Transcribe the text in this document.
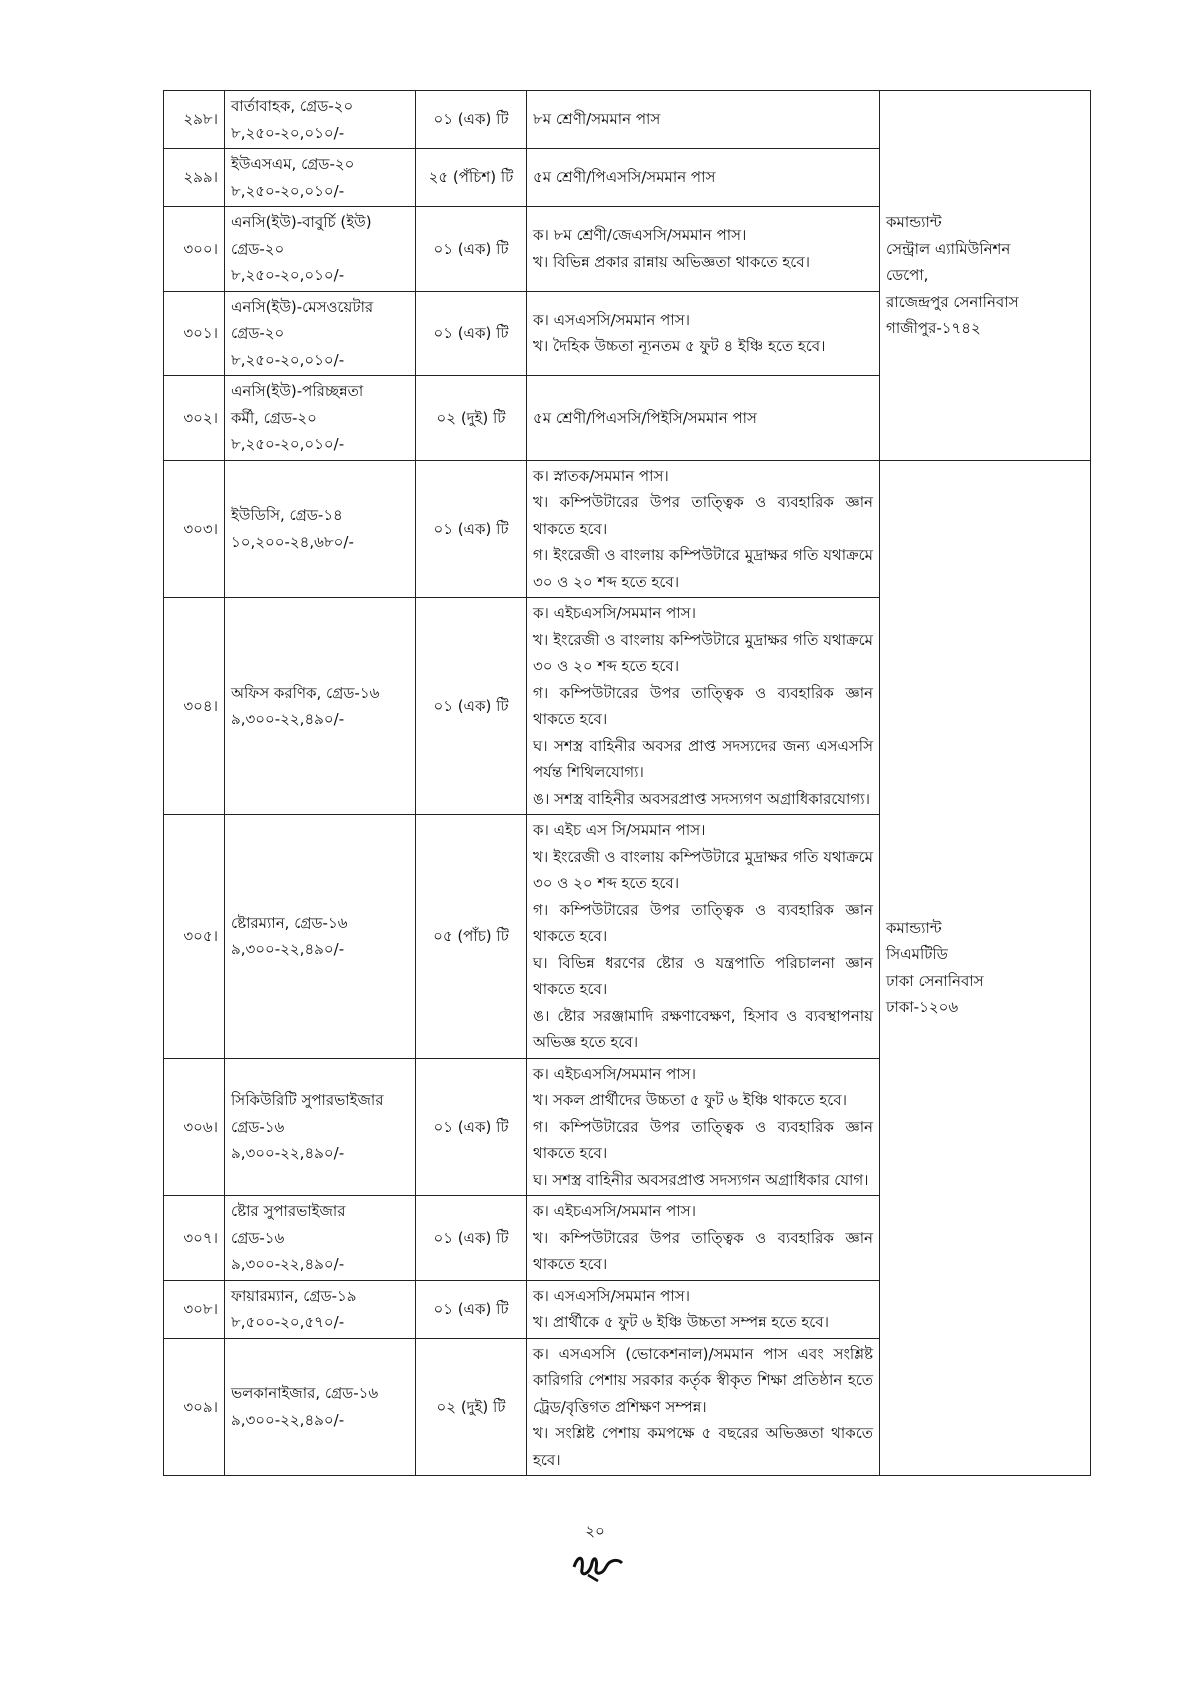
২৯৮।	বার্তাবাহক, গ্রেড-২০
৮,২৫০-২০,০১০/-	০১ (এক) টি	৮ম শ্রেণী/সমমান পাস	কমান্ড্যান্ট
সেন্ট্রাল এ্যামিউনিশন
ডেপো,
রাজেন্দ্রপুর সেনানিবাস
গাজীপুর-১৭৪২

২৯৯।	ইউএসএম, গ্রেড-২০
৮,২৫০-২০,০১০/-	২৫ (পঁচিশ) টি	৫ম শ্রেণী/পিএসসি/সমমান পাস	

৩০০।	এনসি(ইউ)-বাবুর্চি (ইউ)
গ্রেড-২০
৮,২৫০-২০,০১০/-	০১ (এক) টি	ক। ৮ম শ্রেণী/জেএসসি/সমমান পাস।
খ। বিভিন্ন প্রকার রান্নায় অভিজ্ঞতা থাকতে হবে।	

৩০১।	এনসি(ইউ)-মেসওয়েটার
গ্রেড-২০
৮,২৫০-২০,০১০/-	০১ (এক) টি	ক। এসএসসি/সমমান পাস।
খ। দৈহিক উচ্চতা ন্যূনতম ৫ ফুট ৪ ইঞ্চি হতে হবে।	

৩০২।	এনসি(ইউ)-পরিচ্ছন্নতা
কর্মী, গ্রেড-২০
৮,২৫০-২০,০১০/-	০২ (দুই) টি	৫ম শ্রেণী/পিএসসি/পিইসি/সমমান পাস	

৩০৩।	ইউডিসি, গ্রেড-১৪
১০,২০০-২৪,৬৮০/-	০১ (এক) টি	ক। স্নাতক/সমমান পাস।
খ। কম্পিউটারের উপর তাত্ত্বিক ও ব্যবহারিক জ্ঞান থাকতে হবে।
গ। ইংরেজী ও বাংলায় কম্পিউটারে মুদ্রাক্ষর গতি যথাক্রমে ৩০ ও ২০ শব্দ হতে হবে।	কমান্ড্যান্ট
সিএমটিডি
ঢাকা সেনানিবাস
ঢাকা-১২০৬

৩০৪।	অফিস করণিক, গ্রেড-১৬
৯,৩০০-২২,৪৯০/-	০১ (এক) টি	ক। এইচএসসি/সমমান পাস।
খ। ইংরেজী ও বাংলায় কম্পিউটারে মুদ্রাক্ষর গতি যথাক্রমে ৩০ ও ২০ শব্দ হতে হবে।
গ। কম্পিউটারের উপর তাত্ত্বিক ও ব্যবহারিক জ্ঞান থাকতে হবে।
ঘ। সশস্ত্র বাহিনীর অবসর প্রাপ্ত সদস্যদের জন্য এসএসসি পর্যন্ত শিথিলযোগ্য।
ঙ। সশস্ত্র বাহিনীর অবসরপ্রাপ্ত সদস্যগণ অগ্রাধিকারযোগ্য।	

৩০৫।	ষ্টোরম্যান, গ্রেড-১৬
৯,৩০০-২২,৪৯০/-	০৫ (পাঁচ) টি	ক। এইচ এস সি/সমমান পাস।
খ। ইংরেজী ও বাংলায় কম্পিউটারে মুদ্রাক্ষর গতি যথাক্রমে ৩০ ও ২০ শব্দ হতে হবে।
গ। কম্পিউটারের উপর তাত্ত্বিক ও ব্যবহারিক জ্ঞান থাকতে হবে।
ঘ। বিভিন্ন ধরণের ষ্টোর ও যন্ত্রপাতি পরিচালনা জ্ঞান থাকতে হবে।
ঙ। ষ্টোর সরঞ্জামাদি রক্ষণাবেক্ষণ, হিসাব ও ব্যবস্থাপনায় অভিজ্ঞ হতে হবে।	

৩০৬।	সিকিউরিটি সুপারভাইজার
গ্রেড-১৬
৯,৩০০-২২,৪৯০/-	০১ (এক) টি	ক। এইচএসসি/সমমান পাস।
খ। সকল প্রার্থীদের উচ্চতা ৫ ফুট ৬ ইঞ্চি থাকতে হবে।
গ। কম্পিউটারের উপর তাত্ত্বিক ও ব্যবহারিক জ্ঞান থাকতে হবে।
ঘ। সশস্ত্র বাহিনীর অবসরপ্রাপ্ত সদস্যগন অগ্রাধিকার যোগ।	

৩০৭।	ষ্টোর সুপারভাইজার
গ্রেড-১৬
৯,৩০০-২২,৪৯০/-	০১ (এক) টি	ক। এইচএসসি/সমমান পাস।
খ। কম্পিউটারের উপর তাত্ত্বিক ও ব্যবহারিক জ্ঞান থাকতে হবে।	

৩০৮।	ফায়ারম্যান, গ্রেড-১৯
৮,৫০০-২০,৫৭০/-	০১ (এক) টি	ক। এসএসসি/সমমান পাস।
খ। প্রার্থীকে ৫ ফুট ৬ ইঞ্চি উচ্চতা সম্পন্ন হতে হবে।	

৩০৯।	ভলকানাইজার, গ্রেড-১৬
৯,৩০০-২২,৪৯০/-	০২ (দুই) টি	ক। এসএসসি (ভোকেশনাল)/সমমান পাস এবং সংশ্লিষ্ট কারিগরি পেশায় সরকার কর্তৃক স্বীকৃত শিক্ষা প্রতিষ্ঠান হতে ট্রেড/বৃত্তিগত প্রশিক্ষণ সম্পন্ন।
খ। সংশ্লিষ্ট পেশায় কমপক্ষে ৫ বছরের অভিজ্ঞতা থাকতে হবে।	
২০
